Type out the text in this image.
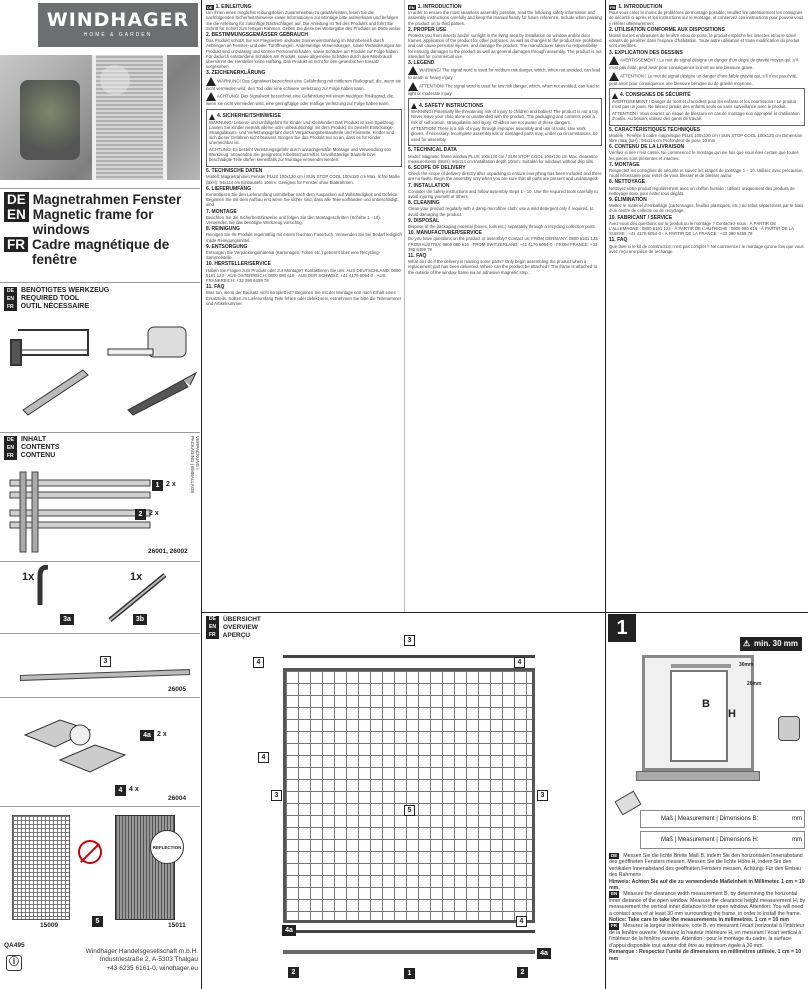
WINDHAGER
HOME & GARDEN
DE Magnetrahmen Fenster
EN Magnetic frame for windows
FR Cadre magnétique de fenêtre
DE	BENÖTIGTES WERKZEUG
EN	REQUIRED TOOL
FR	OUTIL NÉCESSAIRE
DE	INHALT
EN	CONTENTS
FR	CONTENU	VERPACKUNG | PACKAGING | EMBALLAGE
1 2 x
2 2 x
26001, 26002
1x	1x
3a	3b
3
26005
4a 2 x
4 4 x
26004
REFLECTION
5
15009	15011
QA495
ⓘ
Windhager Handelsgesellschaft m.b.H.
Industriestraße 2, A-5303 Thalgau
+43 6235 6161-0, windhager.eu
DE 1. EINLEITUNG

Um Ihnen einen möglichst reibungslosen Zusammenbau zu gewährleisten, lesen Sie die nachfolgenden Sicherheitshinweise sowie Informationen zur Montage bitte aufmerksam und befolgen Sie die Anleitung für zukünftige Nachschlagen auf. Die Anleitung ist Teil des Produkts und führt Sie Schritt für Schritt zum fertigen Rahmen. Geben Sie diese bei Weitergabe des Produkts an Dritte weiter.

2. BESTIMMUNGSGEMÄSSER GEBRAUCH

Das Produkt schützt Sie vor Fliegnesten und/oder Sonneneinstrahlung im Wohnbereich durch Anbringen an Fenster- und oder Türöffnungen. Anderweitige Verwendungen, sowie Veränderungen am Produkt sind unzulässig und können Personenschäden, sowie Schäden am Produkt zur Folge haben. Für dadurch entstandene Schäden am Produkt, sowie allgemeine Schäden durch den Missbrauch übernimmt der Hersteller keine Haftung. Das Produkt ist nicht für den gewerblichen Einsatz vorgesehen.

3. ZEICHENERKLÄRUNG

WARNUNG! Das Signalwort bezeichnet eine Gefährdung mit mittlerem Risikograd, die, wenn sie nicht vermieden wird, den Tod oder eine schwere Verletzung zur Folge haben kann.

ACHTUNG! Das Signalwort bezeichnet eine Gefährdung mit einem niedrigen Risikograd, die, wenn sie nicht vermieden wird, eine geringfügige oder mäßige Verletzung zur Folge haben kann.

4. SICHERHEITSHINWEISE

WARNUNG! Lebens- und Unfallgefahr für Kinder und Kleinkinder! Das Produkt ist kein Spielzeug. Lassen Sie Kinder niemals alleine oder unbeaufsichtigt mit dem Produkt. Es besteht Erstickungs-, Strangulations- und Verletzungsgefahr durch Verpackungsbestandteile und Kleinteile. Kinder sind sich dieser Gefahren nicht bewusst. Bringen Sie das Produkt nur so an, dass es für Kinder unerreichbar ist.

ACHTUNG! Es besteht Verletzungsgefahr durch unsachgemäße Montage und Verwendung von Werkzeug. Verwenden Sie geeignetes Arbeitsschutzmittel. Unvollständige Bauteile bzw. beschädigte Teile dürfen keinesfalls zur Montage verwendet werden.

5. TECHNISCHE DATEN

Modell: Magnetrahmen Fenster PLUS 100x120 cm / SUN STOP COOL 100x120 cm Max. lichte Maße (BxH): 94x114 cm Einbautiefe 10mm: Geeignet für Fenster ohne Blattrahmen.

6. LIEFERUMFANG

Kontrollieren Sie den Lieferumfang unmittelbar nach dem Auspacken auf Vollständigkeit und Defekte. Beginnen Sie mit dem Aufbau erst wenn Sie sicher sind, dass alle Teile vorhanden und unbeschädigt sind.

7. MONTAGE

Beachten Sie die Sicherheitshinweise und folgen Sie den Montageschritten (Schritte 1 - 10). Verwenden Sie das benötigte Werkzeug vorsichtig.

8. REINIGUNG

Reinigen Sie Ihr Produkt regelmäßig mit einem feuchten Fasertuch. Verwenden Sie bei Bedarf lediglich milde Reinigungsmittel.

9. ENTSORGUNG

Entsorgen Sie Verpackungsmaterial (Kartonagen, Folien etc.) getrennt über eine Recycling-Sammelstelle.

10. HERSTELLER/SERVICE

Haben Sie Fragen zum Produkt oder zur Montage? Kontaktieren Sie uns: AUS DEUTSCHLAND: 0800 6161 123 · AUS ÖSTERREICH: 0800 080 616 · AUS DER SCHWEIZ: +41 4176 6054-0 · AUS FRANKREICH: +33 390 6459 79

11. FAQ

Was tun, wenn der Bausatz nicht komplett ist? Beginnen Sie mit der Montage erst nach Erhalt eines Ersatzteils. Sollten im Lieferumfang Teile fehlen oder defekt sein, entnehmen Sie bitte die Teilenummer und Artikelnummer.

EN 1. INTRODUCTION

In order to ensure the most seamless assembly possible, read the following safety information and assembly instructions carefully and keep the manual handy for future reference. Include when passing the product on to third parties.

2. PROPER USE

Protects you from insects and/or sunlight in the living area by installation on window and/or door frames. Application of the product for other purposes, as well as changes to the product are prohibited and can cause personal injuries, and damage the product. The manufacturer takes no responsibility for ensuing damages to the product as well as general damages through assembly. The product is not intended for commercial use.

3. LEGEND

WARNING! The signal word is used for medium risk danger, which, when not avoided, can lead to death or heavy injury.

ATTENTION! The signal word is used for low risk danger, which, when not avoided, can lead to light or moderate injury.

4. SAFETY INSTRUCTIONS

WARNING! Potentially life-threatening risk of injury to children and babies! The product is not a toy. Never leave your child alone or unattended with the product. The packaging and contents pose a risk of suffocation, strangulation and injury. Children are not aware of these dangers.

ATTENTION! There is a risk of injury through improper assembly and use of tools. Use work gloves, if necessary. Incomplete assembly kits or damaged parts may, under no circumstances, be used for assembly.

5. TECHNICAL DATA

Model: Magnetic frame window PLUS 100x120 cm / SUN STOP COOL 100x120 cm Max. clearance measurements (WxH): 94x114 cm Installation depth 10mm: Suitable for windows without drip sills.

6. SCOPE OF DELIVERY

Check the scope of delivery directly after unpacking to ensure everything has been included and there are no faults. Begin the assembly only when you are sure that all parts are present and undamaged.

7. INSTALLATION

Consider the safety instructions and follow assembly steps 1 - 10. Use the required tools carefully to avoid injuring yourself or others.

8. CLEANING

Clean your product regularly with a damp microfibre cloth; use a mild detergent only if required, to avoid damaging the product.

9. DISPOSAL

Dispose of the packaging material (boxes, foils etc.) separately through a recycling collection point.

10. MANUFACTURER/SERVICE

Do you have questions on the product or assembly? Contact us: FROM GERMANY: 0800 6161 123 · FROM AUSTRIA: 0800 080 616 · FROM SWITZERLAND: +41 4176 6054-0 · FROM FRANCE: +33 390 6459 79

11. FAQ

What do I do if the delivery is missing some parts? Only begin assembling the product when a replacement part has been delivered. Where can the product be attached? The frame is attached to the outside of the window frame via an adhesive magnetic strip.

FR 1. INTRODUCTION

Pour vous créer le moins de problèmes de montage possible, veuillez lire attentivement les consignes de sécurité ci-après et les instructions sur le montage, et conservez ces instructions pour pouvoir vous y référer ultérieurement.

2. UTILISATION CONFORME AUX DISPOSITIONS

Monté sur les embrasures de fenêtre et/ou de porte, le produit empêche les insectes et/ou le soleil volants de pénétrer dans l’espace d’habitation. Toute autre utilisation et toute modification du produit sont interdites.

3. EXPLICATION DES DESSINS

AVERTISSEMENT ! Le mot de signal désigne un danger d’un degré de gravité moyen qui, s’il n’est pas évité, peut avoir pour conséquence la mort ou une blessure grave.

ATTENTION ! Le mot de signal désigne un danger d’une faible gravité qui, s’il n’est pas évité, peut avoir pour conséquence une blessure bénigne ou de gravité moyenne.

4. CONSIGNES DE SÉCURITÉ

AVERTISSEMENT ! Danger de mort et d’accident pour les enfants et les nourrissons ! Le produit n’est pas un jouet. Ne laissez jamais des enfants seuls ou sans surveillance avec le produit.

ATTENTION ! Vous courrez un risque de blessure en cas de montage non approprié et d’utilisation d’outils. Au besoin, utilisez des gants de travail.

5. CARACTÉRISTIQUES TECHNIQUES

Modèle : Fenêtre à cadre magnétique PLUS 100x120 cm / SUN STOP COOL 100x120 cm Dimension libre maxi (lxH) : 94x114 cm Profondeur de pose 10 mm.

6. CONTENU DE LA LIVRAISON

Vérifiez si rien n’est cassé. Ne commencez le montage qu’une fois que vous êtes certain que toutes les pièces sont présentes et intactes.

7. MONTAGE

Respectez les consignes de sécurité et suivez les étapes de montage 1 – 10. Utilisez avec précaution l’outil nécessaire pour éviter de vous blesser et de blesser autrui.

8. NETTOYAGE

Nettoyez votre produit régulièrement avec un chiffon humide ; utilisez uniquement des produits de nettoyage doux pour éviter tous dégâts.

9. ÉLIMINATION

Mettez le matériel d’emballage (cartonnages, feuilles plastiques, etc.) au rebut séparément par le biais d’un centre de collecte ou de recyclage.

10. FABRICANT / SERVICE

Avez-vous des questions sur le produit ou le montage ? Contactez-nous : À PARTIR DE L’ALLEMAGNE : 0800 6161 123 · À PARTIR DE L’AUTRICHE : 0800 080 616 · À PARTIR DE LA SUISSE : +41 4176 6054-0 · À PARTIR DE LA FRANCE : +33 390 6459 79

11. FAQ

Que faire si le kit de construction n’est pas complet ? Ne commencez le montage qu’une fois que vous avez reçu une pièce de rechange.

DE	ÜBERSICHT
EN	OVERVIEW
FR	APERÇU
4
3
4
4
3
5
3
4
4a
2	2
4a
1
1
⚠ min. 30 mm
B
H
30mm
20mm
Maß | Measurement | Dimensions B:	mm
Maß | Measurement | Dimensions H:	mm

DE Messen Sie die lichte Breite Maß B, indem Sie den horizontalen Innenabstand des geöffneten Fensters messen. Messen Sie die lichte Höhe H, indem Sie den vertikalen Innenabstand des geöffneten Fensters messen. Achtung: Für den Einbau des Rahmens

Hinweis: Achten Sie auf die zu verwendende Maßeinheit in Millimeter. 1 cm = 10 mm.

EN Measure the clearance width measurement B, by determining the horizontal inner distance of the open window. Measure the clearance height measurement H, by measurement the vertical inner distance to the open window. Attention: You will need a contact area of at least 30 mm surrounding the frame, in order to install the frame.

Notice: Take care to take the measurements in millimetres. 1 cm = 10 mm

FR Mesurez la largeur intérieure, cote B, en mesurant l’écart horizontal à l’intérieur de la fenêtre ouverte. Mesurez la hauteur intérieure H, en mesurant l’écart vertical à l’intérieur de la fenêtre ouverte. Attention : pour le montage du cadre, la surface d’appui disponible tout autour doit être au minimum égale à 30 mm.

Remarque : Respectez l’unité de dimensions en millimètres utilisée. 1 cm = 10 mm
